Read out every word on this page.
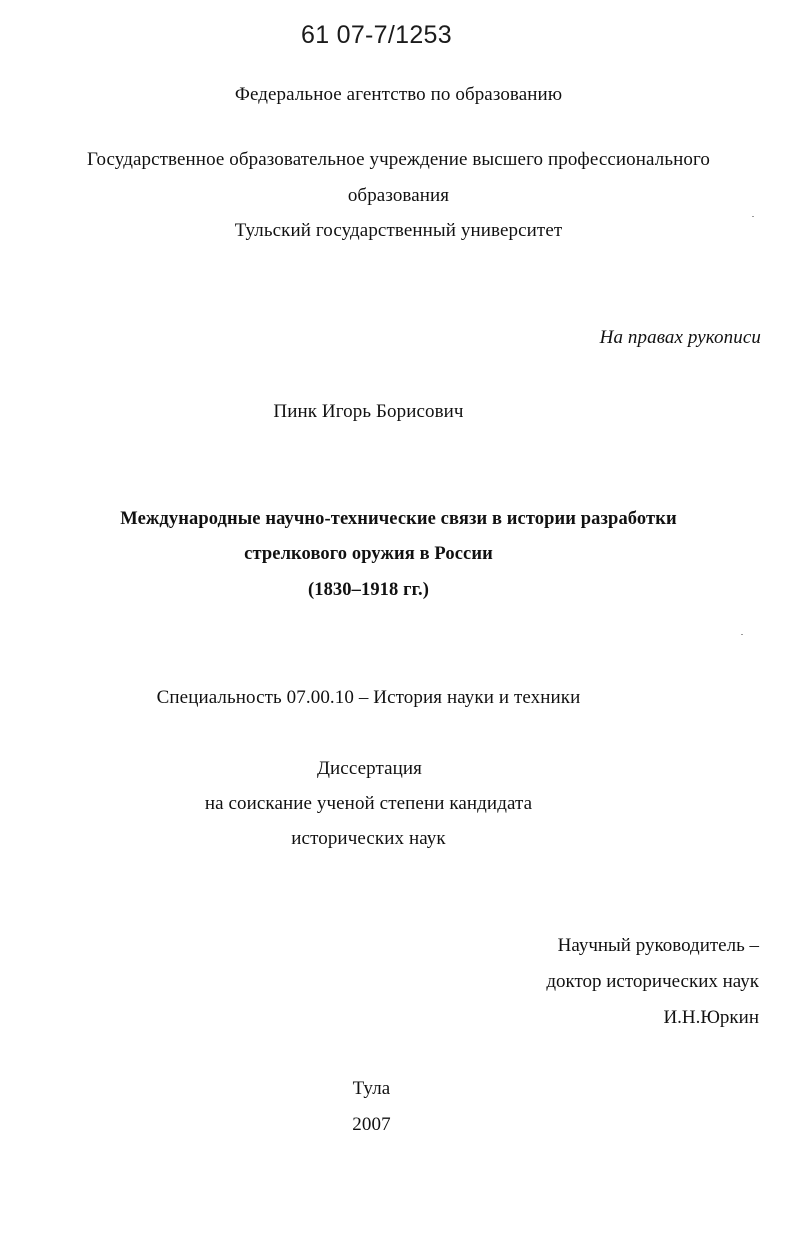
61 07-7/1253
Федеральное агентство по образованию
Государственное образовательное учреждение высшего профессионального
образования
Тульский государственный университет
На правах рукописи
Пинк Игорь Борисович
Международные научно-технические связи в истории разработки
стрелкового оружия в России
(1830–1918 гг.)
Специальность 07.00.10 – История науки и техники
Диссертация
на соискание ученой степени кандидата
исторических наук
Научный руководитель –
доктор исторических наук
И.Н.Юркин
Тула
2007
